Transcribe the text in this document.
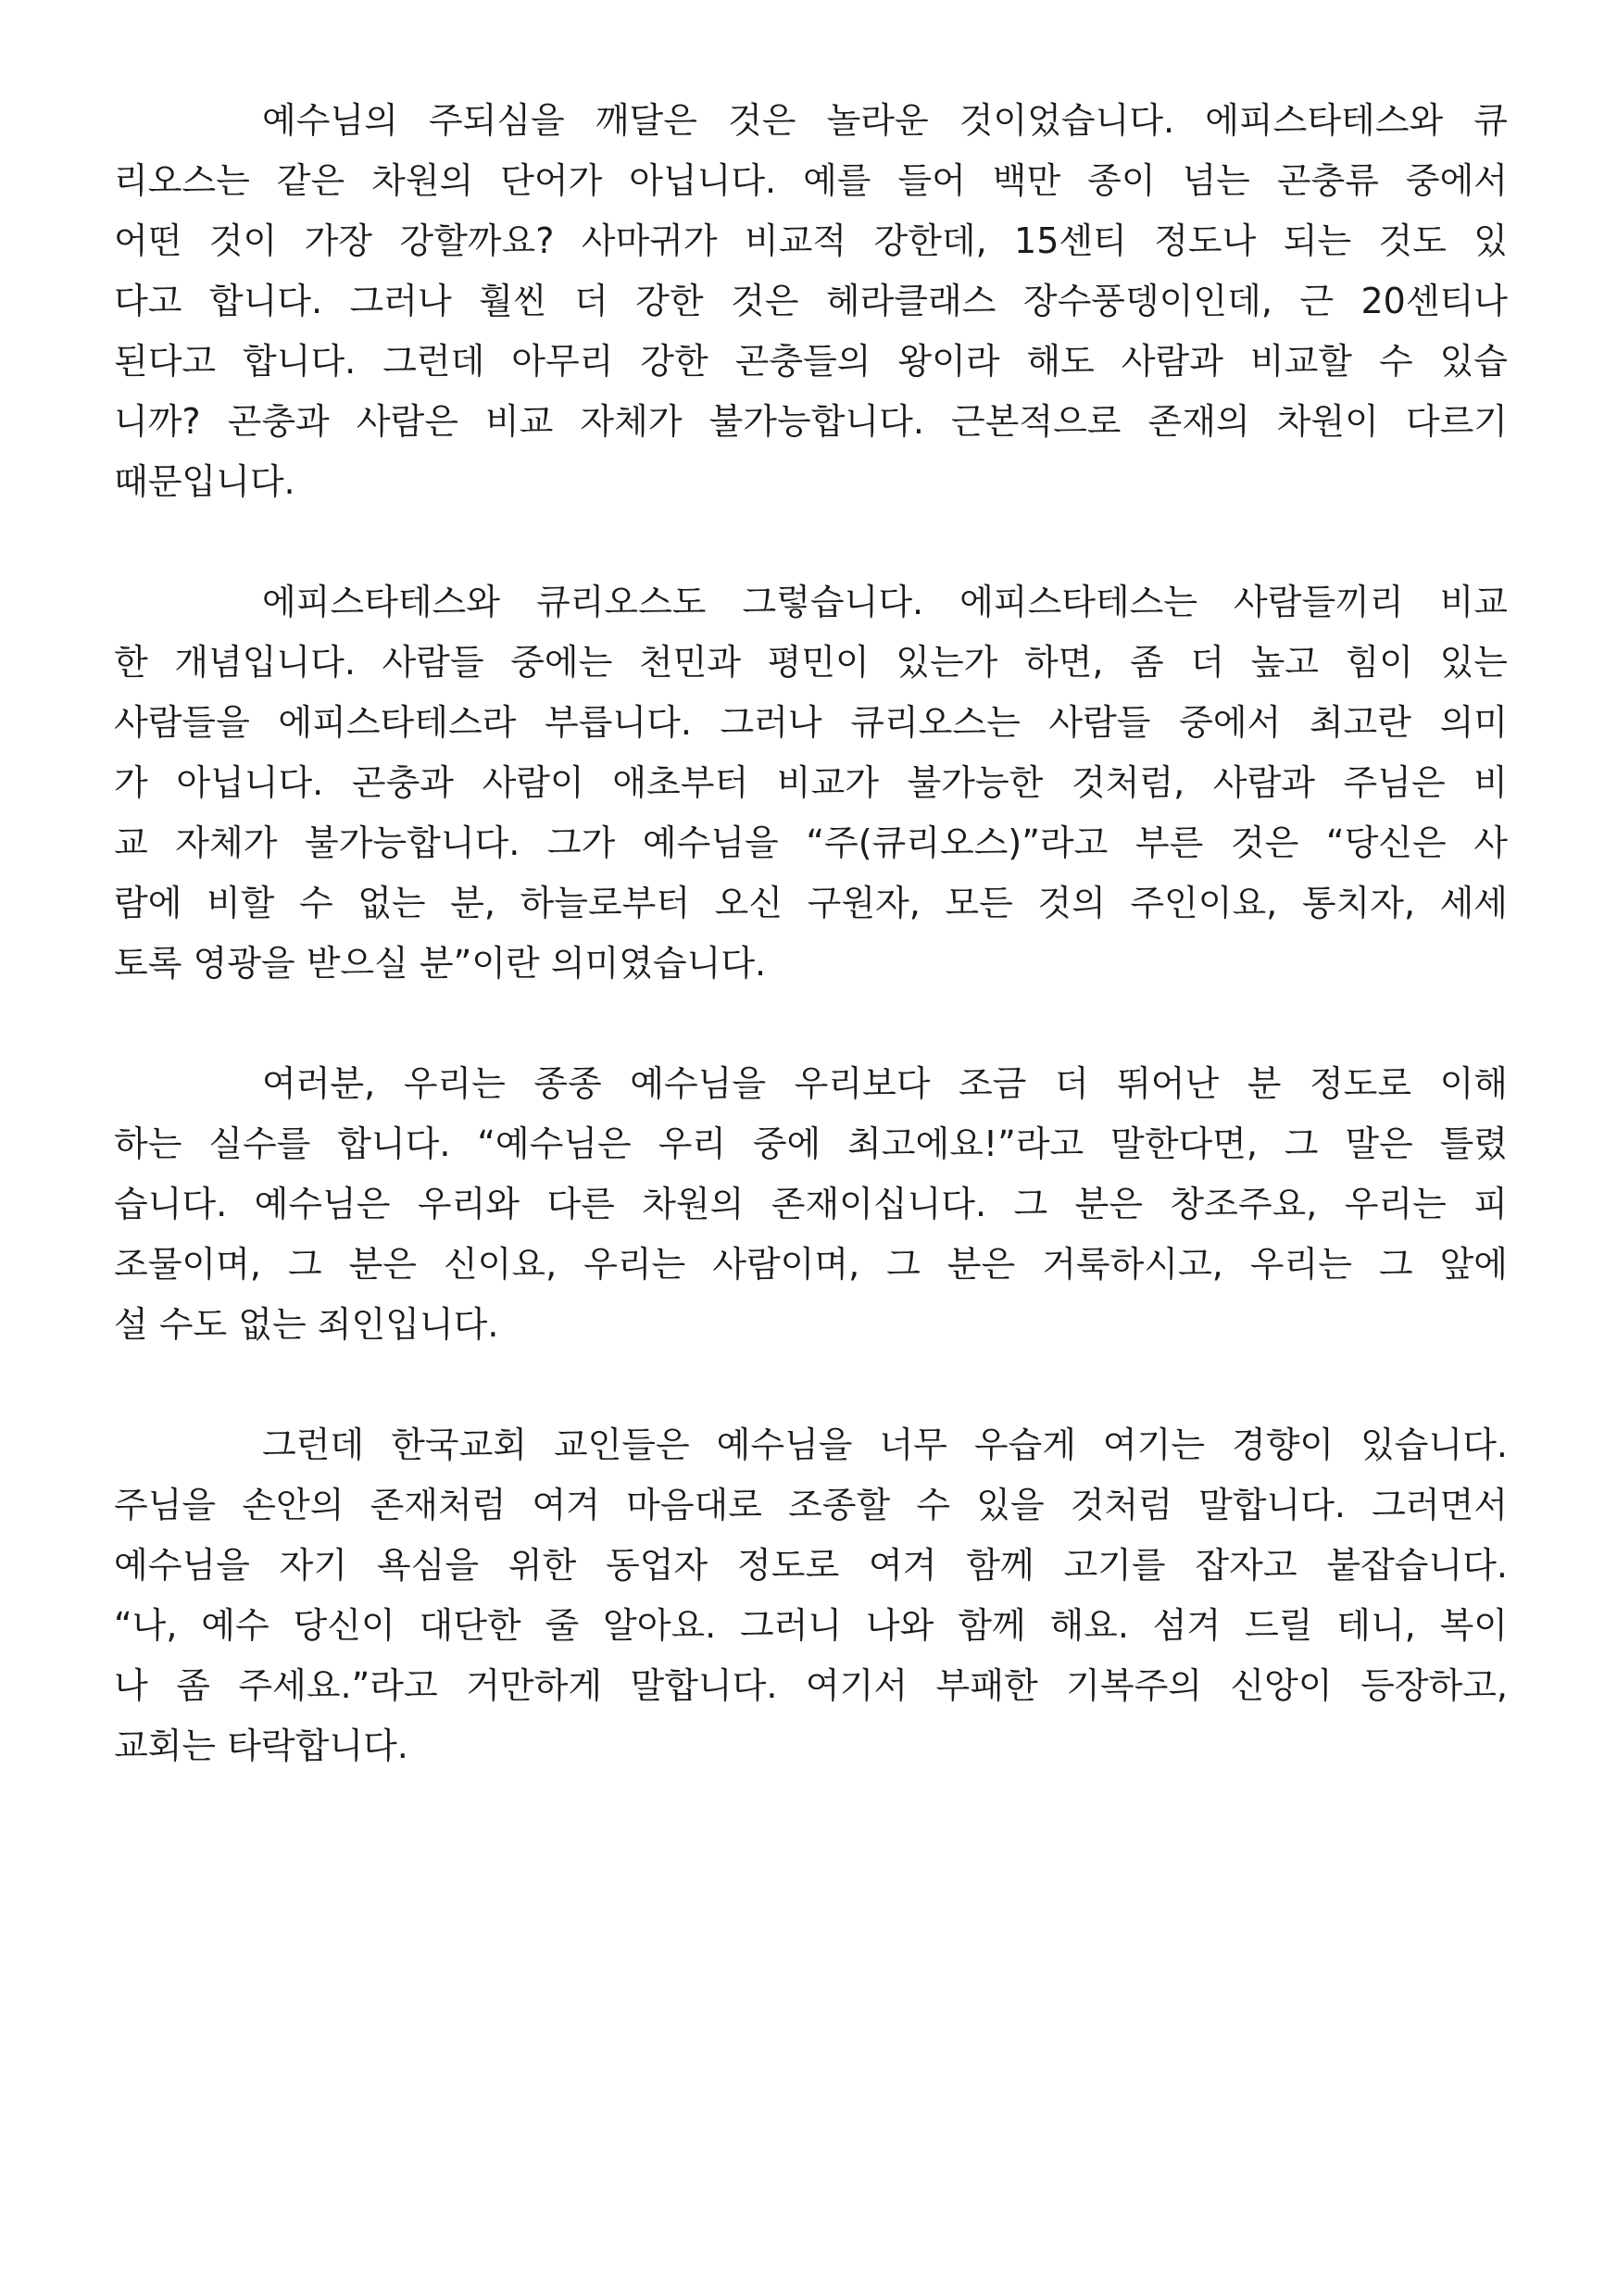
예수님의 주되심을 깨달은 것은 놀라운 것이었습니다. 에피스타테스와 큐
리오스는 같은 차원의 단어가 아닙니다. 예를 들어 백만 종이 넘는 곤충류 중에서
어떤 것이 가장 강할까요? 사마귀가 비교적 강한데, 15센티 정도나 되는 것도 있
다고 합니다. 그러나 훨씬 더 강한 것은 헤라클래스 장수풍뎅이인데, 근 20센티나
된다고 합니다. 그런데 아무리 강한 곤충들의 왕이라 해도 사람과 비교할 수 있습
니까? 곤충과 사람은 비교 자체가 불가능합니다. 근본적으로 존재의 차원이 다르기
때문입니다.
에피스타테스와 큐리오스도 그렇습니다. 에피스타테스는 사람들끼리 비교
한 개념입니다. 사람들 중에는 천민과 평민이 있는가 하면, 좀 더 높고 힘이 있는
사람들을 에피스타테스라 부릅니다. 그러나 큐리오스는 사람들 중에서 최고란 의미
가 아닙니다. 곤충과 사람이 애초부터 비교가 불가능한 것처럼, 사람과 주님은 비
교 자체가 불가능합니다. 그가 예수님을 “주(큐리오스)”라고 부른 것은 “당신은 사
람에 비할 수 없는 분, 하늘로부터 오신 구원자, 모든 것의 주인이요, 통치자, 세세
토록 영광을 받으실 분”이란 의미였습니다.
여러분, 우리는 종종 예수님을 우리보다 조금 더 뛰어난 분 정도로 이해
하는 실수를 합니다. “예수님은 우리 중에 최고에요!”라고 말한다면, 그 말은 틀렸
습니다. 예수님은 우리와 다른 차원의 존재이십니다. 그 분은 창조주요, 우리는 피
조물이며, 그 분은 신이요, 우리는 사람이며, 그 분은 거룩하시고, 우리는 그 앞에
설 수도 없는 죄인입니다.
그런데 한국교회 교인들은 예수님을 너무 우습게 여기는 경향이 있습니다.
주님을 손안의 존재처럼 여겨 마음대로 조종할 수 있을 것처럼 말합니다. 그러면서
예수님을 자기 욕심을 위한 동업자 정도로 여겨 함께 고기를 잡자고 붙잡습니다.
“나, 예수 당신이 대단한 줄 알아요. 그러니 나와 함께 해요. 섬겨 드릴 테니, 복이
나 좀 주세요.”라고 거만하게 말합니다. 여기서 부패한 기복주의 신앙이 등장하고,
교회는 타락합니다.
